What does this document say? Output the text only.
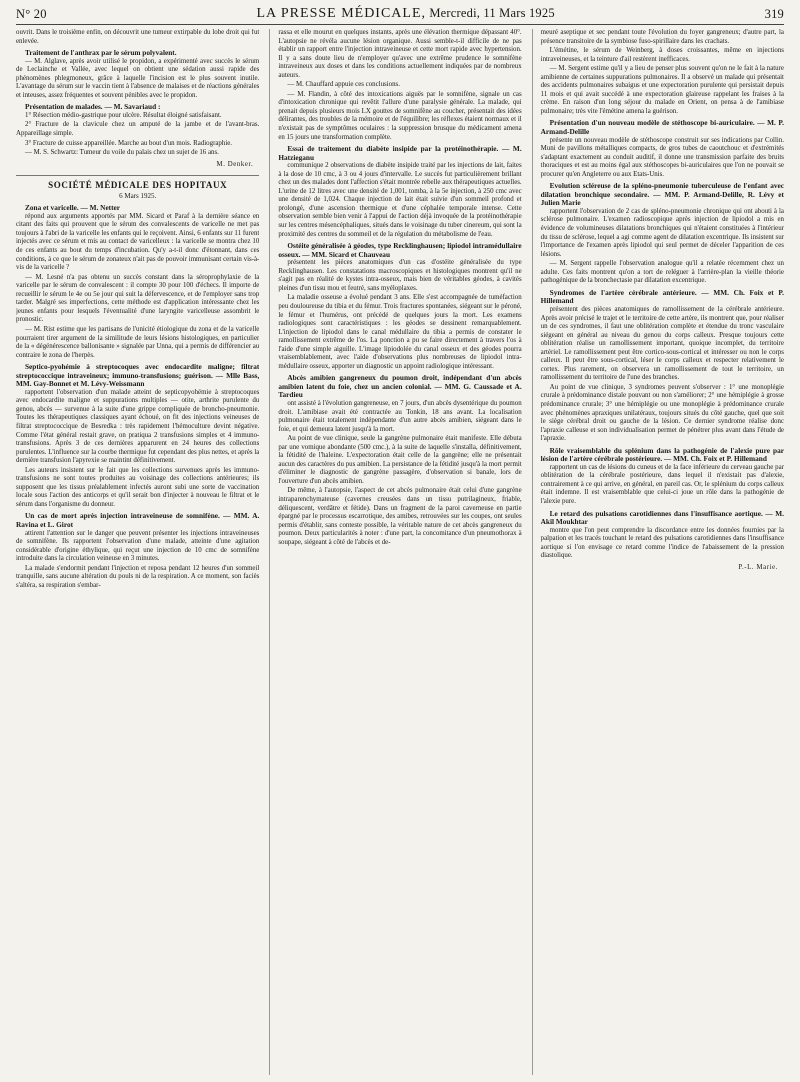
N° 20	LA PRESSE MÉDICALE, Mercredi, 11 Mars 1925	319

ouvrit. Dans le troisième enfin, on découvrit une tumeur extirpable du lobe droit qui fut enlevée.

Traitement de l'anthrax par le sérum polyvalent.

— M. Alglave, après avoir utilisé le propidon, a expérimenté avec succès le sérum de Leclainche et Vallée, avec lequel on obtient une sédation aussi rapide des phénomènes phlegmoneux, grâce à laquelle l'incision est le plus souvent inutile. L'avantage du sérum sur le vaccin tient à l'absence de malaises et de réactions générales et inteuses, assez fréquentes et souvent pénibles avec le propidon.

Présentation de malades. — M. Savariaud :

1° Résection médio-gastrique pour ulcère. Résultat éloigné satisfaisant.

2° Fracture de la clavicule chez un amputé de la jambe et de l'avant-bras. Appareillage simple.

3° Fracture de cuisse appareillée. Marche au bout d'un mois. Radiographie.

— M. S. Schwartz: Tumeur du voile du palais chez un sujet de 16 ans.

M. Denker.
SOCIÉTÉ MÉDICALE DES HOPITAUX
6 Mars 1925.
Zona et varicelle. — M. Netter

répond aux arguments apportés par MM. Sicard et Paraf à la dernière séance en citant des faits qui prouvent que le sérum des convalescents de varicelle ne met pas toujours à l'abri de la varicelle les enfants qui le reçoivent. Ainsi, 6 enfants sur 11 furent injectés avec ce sérum et mis au contact de varicelleux : la varicelle se montra chez 10 de ces enfants au bout du temps d'incubation. Qu'y a-t-il donc d'étonnant, dans ces conditions, à ce que le sérum de zonateux n'ait pas de pouvoir immunisant certain vis-à-vis de la varicelle ?

— M. Lesné n'a pas obtenu un succès constant dans la séroprophylaxie de la varicelle par le sérum de convalescent : il compte 30 pour 100 d'échecs. Il importe de recueillir le sérum le 4e ou 5e jour qui suit la défervescence, et de l'employer sans trop tarder. Malgré ses imperfections, cette méthode est d'application intéressante chez les jeunes enfants pour lesquels l'éventualité d'une laryngite varicelleuse assombrit le pronostic.

— M. Rist estime que les partisans de l'unicité étiologique du zona et de la varicelle pourraient tirer argument de la similitude de leurs lésions histologiques, en particulier de la « dégénérescence ballonisante » signalée par Unna, qui a permis de différencier au contraire le zona de l'herpès.

Septico-pyohémie à streptocoques avec endocardite maligne; filtrat streptococcique intraveineux; immuno-transfusions; guérison. — Mlle Bass, MM. Gay-Bonnet et M. Lévy-Weissmann

rapportent l'observation d'un malade atteint de septicopyohémie à streptocoques avec endocardite maligne et suppurations multiples — otite, arthrite purulente du genou, abcès — survenue à la suite d'une grippe compliquée de broncho-pneumonie. Toutes les thérapeutiques classiques ayant échoué, on fit des injections veineuses de filtrat streptococcique de Besredka : très rapidement l'hémoculture devint négative. Comme l'état général restait grave, on pratiqua 2 transfusions simples et 4 immuno-transfusions. Après 3 de ces dernières apparurent en 24 heures des collections purulentes. L'influence sur la courbe thermique fut cependant des plus nettes, et après la dernière transfusion l'apyrexie se maintint définitivement.

Les auteurs insistent sur le fait que les collections survenues après les immuno-transfusions ne sont toutes produites au voisinage des collections antérieures; ils supposent que les tissus préalablement infectés auront subi une sorte de vaccination locale sous l'action des anticorps et qu'il serait bon d'injecter à nouveau le filtrat et le sérum dans l'organisme du donneur.

Un cas de mort après injection intraveineuse de somnifène. — MM. A. Ravina et L. Girot

attirent l'attention sur le danger que peuvent présenter les injections intraveineuses de somnifène. Ils rapportent l'observation d'une malade, atteinte d'une agitation considérable d'origine éthylique, qui reçut une injection de 10 cmc de somnifène introduite dans la circulation veineuse en 3 minutes.

La malade s'endormit pendant l'injection et reposa pendant 12 heures d'un sommeil tranquille, sans aucune altération du pouls ni de la respiration. A ce moment, son faciès s'altéra, sa respiration s'embar-

rassa et elle mourut en quelques instants, après une élévation thermique dépassant 40°. L'autopsie ne révéla aucune lésion organique. Aussi semble-t-il difficile de ne pas établir un rapport entre l'injection intraveineuse et cette mort rapide avec hypertension. Il y a sans doute lieu de n'employer qu'avec une extrême prudence le somnifène intraveineux aux doses et dans les conditions actuellement indiquées par de nombreux auteurs.

— M. Chauffard appuie ces conclusions.

— M. Flandin, à côté des intoxications aiguës par le somnifène, signale un cas d'intoxication chronique qui revêtit l'allure d'une paralysie générale. La malade, qui prenait depuis plusieurs mois LX gouttes de somnifène au coucher, présentait des idées délirantes, des troubles de la mémoire et de l'équilibre; les réflexes étaient normaux et il n'existait pas de symptômes oculaires : la suppression brusque du médicament amena en 15 jours une transformation complète.

Essai de traitement du diabète insipide par la protéinothérapie. — M. Hatzieganu

communique 2 observations de diabète insipide traité par les injections de lait, faites à la dose de 10 cmc, à 3 ou 4 jours d'intervalle. Le succès fut particulièrement brillant chez un des malades dont l'affection s'était montrée rebelle aux thérapeutiques actuelles. L'urine de 12 litres avec une densité de 1,001, tomba, à la 5e injection, à 250 cmc avec une densité de 1,024. Chaque injection de lait était suivie d'un sommeil profond et prolongé, d'une ascension thermique et d'une céphalée temporale intense. Cette observation semble bien venir à l'appui de l'action déjà invoquée de la protéinothérapie sur les centres mésencéphaliques, situés dans le voisinage du tuber cinereum, qui sont la proximité des centres du sommeil et de la régulation du métabolisme de l'eau.

Ostéite généralisée à géodes, type Recklinghausen; lipiodol intramédullaire osseux. — MM. Sicard et Chauveau

présentent les pièces anatomiques d'un cas d'ostéite généralisée du type Recklinghausen. Les constatations macroscopiques et histologiques montrent qu'il ne s'agit pas en réalité de kystes intra-osseux, mais bien de véritables géodes, à cavités pleines d'un tissu mou et feutré, sans myéloplaxes.

La maladie osseuse a évolué pendant 3 ans. Elle s'est accompagnée de tuméfaction peu douloureuse du tibia et du fémur. Trois fractures spontanées, siégeant sur le péroné, le fémur et l'humérus, ont précédé de quelques jours la mort. Les examens radiologiques sont caractéristiques : les géodes se dessinent remarquablement. L'injection de lipiodol dans le canal médullaire du tibia a permis de constater le ramollissement extrême de l'os. La ponction a pu se faire directement à travers l'os à l'aide d'une simple aiguille. L'image lipiodolée du canal osseux et des géodes pourra vraisemblablement, avec l'aide d'observations plus nombreuses de lipiodol intra-médullaire osseux, apporter un diagnostic un appoint radiologique intéressant.

Abcès amibien gangreneux du poumon droit, indépendant d'un abcès amibien latent du foie, chez un ancien colonial. — MM. G. Caussade et A. Tardieu

ont assisté à l'évolution gangreneuse, en 7 jours, d'un abcès dysentérique du poumon droit. L'amibiase avait été contractée au Tonkin, 18 ans avant. La localisation pulmonaire était totalement indépendante d'un autre abcès amibien, siégeant dans le foie, et qui demeura latent jusqu'à la mort.

Au point de vue clinique, seule la gangrène pulmonaire était manifeste. Elle débuta par une vomique abondante (500 cmc.), à la suite de laquelle s'installa, définitivement, la fétidité de l'haleine. L'expectoration était celle de la gangrène; elle ne présentait aucun des caractères du pus amibien. La persistance de la fétidité jusqu'à la mort permit d'éliminer le diagnostic de gangrène passagère, d'observation si banale, lors de l'ouverture d'un abcès amibien.

De même, à l'autopsie, l'aspect de cet abcès pulmonaire était celui d'une gangrène intraparenchymateuse (cavernes creusées dans un tissu putrilagineux, friable, déliquescent, verdâtre et fétide). Dans un fragment de la paroi caverneuse en partie épargné par le processus escarrotique, des amibes, retrouvées sur les coupes, ont seules permis d'établir, sans conteste possible, la véritable nature de cet abcès gangreneux du poumon. Deux particularités à noter : d'une part, la concomitance d'un pneumothorax à soupape, siégeant à côté de l'abcès et de-

meuré aseptique et sec pendant toute l'évolution du foyer gangreneux; d'autre part, la présence transitoire de la symbiose fuso-spirillaire dans les crachats.

L'émétine, le sérum de Weinberg, à doses croissantes, même en injections intraveineuses, et la teinture d'ail restèrent inefficaces.

— M. Sergent estime qu'il y a lieu de penser plus souvent qu'on ne le fait à la nature amibienne de certaines suppurations pulmonaires. Il a observé un malade qui présentait des accidents pulmonaires subaigus et une expectoration purulente qui persistait depuis 11 mois et qui avait succédé à une expectoration glaireuse rappelant les fraises à la crème. En raison d'un long séjour du malade en Orient, on pensa à de l'amibiase pulmonaire; très vite l'émétine amena la guérison.

Présentation d'un nouveau modèle de stéthoscope bi-auriculaire. — M. P. Armand-Delille

présente un nouveau modèle de stéthoscope construit sur ses indications par Collin. Muni de pavillons métalliques compacts, de gros tubes de caoutchouc et d'extrémités s'adaptant exactement au conduit auditif, il donne une transmission parfaite des bruits thoraciques et est au moins égal aux stéthoscopes bi-auriculaires que l'on ne pouvait se procurer qu'en Angleterre ou aux Etats-Unis.

Evolution scléreuse de la spléno-pneumonie tuberculeuse de l'enfant avec dilatation bronchique secondaire. — MM. P. Armand-Delille, R. Lévy et Julien Marie

rapportent l'observation de 2 cas de spléno-pneumonie chronique qui ont abouti à la sclérose pulmonaire. L'examen radioscopique après injection de lipiodol a mis en évidence de volumineuses dilatations bronchiques qui n'étaient constituées à l'intérieur du tissu de sclérose, lequel a agi comme agent de dilatation excentrique. Ils insistent sur l'importance de l'examen après lipiodol qui seul permet de déceler l'apparition de ces lésions.

— M. Sergent rappelle l'observation analogue qu'il a relatée récemment chez un adulte. Ces faits montrent qu'on a tort de reléguer à l'arrière-plan la vieille théorie pathogénique de la bronchectasie par dilatation excentrique.

Syndromes de l'artère cérébrale antérieure. — MM. Ch. Foix et P. Hillemand

présentent des pièces anatomiques de ramollissement de la cérébrale antérieure. Après avoir précisé le trajet et le territoire de cette artère, ils montrent que, pour réaliser un de ces syndromes, il faut une oblitération complète et étendue du tronc vasculaire siégeant en général au niveau du genou du corps calleux. Presque toujours cette oblitération réalise un ramollissement important, quoique incomplet, du territoire artériel. Le ramollissement peut être cortico-sous-cortical et intéresser ou non le corps calleux. Il peut être sous-cortical, léser le corps calleux et respecter relativement le cortex. Plus rarement, on observera un ramollissement de tout le territoire, un ramollissement du territoire de l'une des branches.

Au point de vue clinique, 3 syndromes peuvent s'observer : 1° une monoplégie crurale à prédominance distale pouvant ou non s'améliorer; 2° une hémiplégie à grosse prédominance crurale; 3° une hémiplégie ou une monoplégie à prédominance crurale avec phénomènes apraxiques unilatéraux, toujours situés du côté gauche, quel que soit le siège cérébral droit ou gauche de la lésion. Ce dernier syndrome réalise donc l'apraxie calleuse et son individualisation permet de pénétrer plus avant dans l'étude de l'apraxie.

Rôle vraisemblable du splénium dans la pathogénie de l'alexie pure par lésion de l'artère cérébrale postérieure. — MM. Ch. Foix et P. Hillemand

rapportent un cas de lésions du cuneus et de la face inférieure du cerveau gauche par oblitération de la cérébrale postérieure, dans lequel il n'existait pas d'alexie, contrairement à ce qui arrive, en général, en pareil cas. Or, le splénium du corps calleux était indemne. Il est vraisemblable que celui-ci joue un rôle dans la pathogénie de l'alexie pure.

Le retard des pulsations carotidiennes dans l'insuffisance aortique. — M. Akil Moukhtar

montre que l'on peut comprendre la discordance entre les données fournies par la palpation et les tracés touchant le retard des pulsations carotidiennes dans l'insuffisance aortique si l'on envisage ce retard comme l'indice de l'abaissement de la pression diastolique.

P.-L. Marie.
